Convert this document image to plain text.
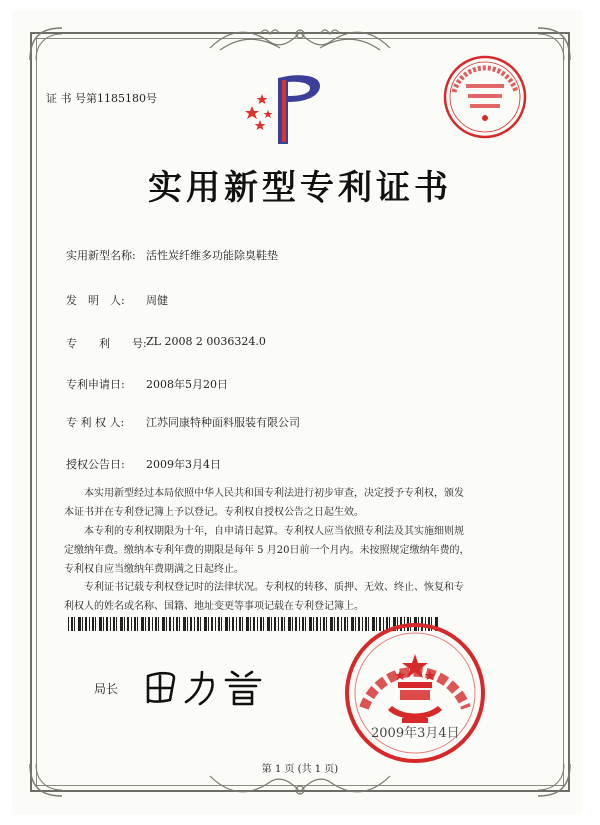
证 书 号第1185180号
实用新型专利证书
实用新型名称: 活性炭纤维多功能除臭鞋垫
发　明　人: 周健
专　　利　　号: ZL 2008 2 0036324.0
专利申请日: 2008年5月20日
专 利 权 人: 江苏同康特种面料服装有限公司
授权公告日: 2009年3月4日
　　本实用新型经过本局依照中华人民共和国专利法进行初步审查，决定授予专利权，颁发
本证书并在专利登记簿上予以登记。专利权自授权公告之日起生效。
　　本专利的专利权期限为十年，自申请日起算。专利权人应当依照专利法及其实施细则规
定缴纳年费。缴纳本专利年费的期限是每年 5 月20日前一个月内。未按照规定缴纳年费的，
专利权自应当缴纳年费期满之日起终止。
　　专利证书记载专利权登记时的法律状况。专利权的转移、质押、无效、终止、恢复和专
利权人的姓名或名称、国籍、地址变更等事项记载在专利登记簿上。
局长
2009年3月4日
第 1 页 (共 1 页)
